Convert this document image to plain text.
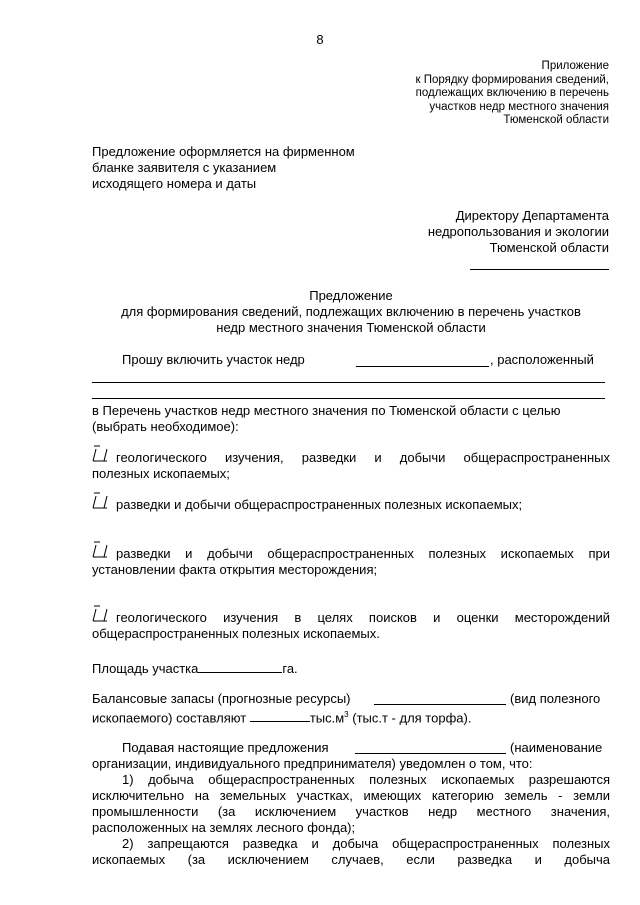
8
Приложение
к Порядку формирования сведений,
подлежащих включению в перечень
участков недр местного значения
Тюменской области
Предложение оформляется на фирменном
бланке заявителя с указанием
исходящего номера и даты
Директору Департамента
недропользования и экологии
Тюменской области
Предложение
для формирования сведений, подлежащих включению в перечень участков
недр местного значения Тюменской области
Прошу включить участок недр	, расположенный
в Перечень участков недр местного значения по Тюменской области с целью
(выбрать необходимое):
геологического изучения, разведки и добычи общераспространенных
полезных ископаемых;
разведки и добычи общераспространенных полезных ископаемых;
разведки и добычи общераспространенных полезных ископаемых при
установлении факта открытия месторождения;
геологического изучения в целях поисков и оценки месторождений
общераспространенных полезных ископаемых.
Площадь участка	га.
Балансовые запасы (прогнозные ресурсы)	(вид полезного
ископаемого) составляют	$тыс.м^3$ (тыс.т - для торфа).
Подавая настоящие предложения	(наименование
организации, индивидуального предпринимателя) уведомлен о том, что:
1) добыча общераспространенных полезных ископаемых разрешаются
исключительно на земельных участках, имеющих категорию земель - земли
промышленности (за исключением участков недр местного значения,
расположенных на землях лесного фонда);
2) запрещаются разведка и добыча общераспространенных полезных
ископаемых (за исключением случаев, если разведка и добыча
